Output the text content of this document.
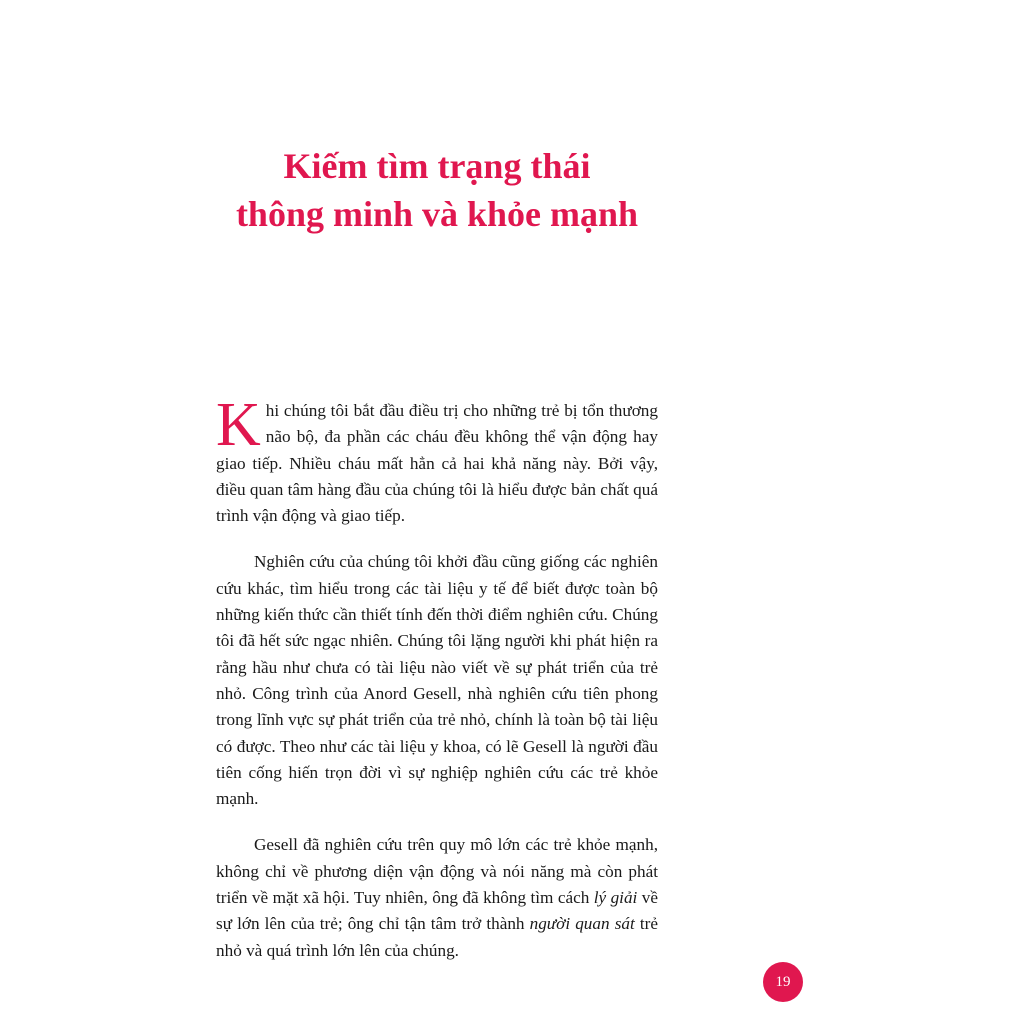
Kiếm tìm trạng thái
thông minh và khỏe mạnh

Khi chúng tôi bắt đầu điều trị cho những trẻ bị tổn thương não bộ, đa phần các cháu đều không thể vận động hay giao tiếp. Nhiều cháu mất hẳn cả hai khả năng này. Bởi vậy, điều quan tâm hàng đầu của chúng tôi là hiểu được bản chất quá trình vận động và giao tiếp.

Nghiên cứu của chúng tôi khởi đầu cũng giống các nghiên cứu khác, tìm hiểu trong các tài liệu y tế để biết được toàn bộ những kiến thức cần thiết tính đến thời điểm nghiên cứu. Chúng tôi đã hết sức ngạc nhiên. Chúng tôi lặng người khi phát hiện ra rằng hầu như chưa có tài liệu nào viết về sự phát triển của trẻ nhỏ. Công trình của Anord Gesell, nhà nghiên cứu tiên phong trong lĩnh vực sự phát triển của trẻ nhỏ, chính là toàn bộ tài liệu có được. Theo như các tài liệu y khoa, có lẽ Gesell là người đầu tiên cống hiến trọn đời vì sự nghiệp nghiên cứu các trẻ khỏe mạnh.

Gesell đã nghiên cứu trên quy mô lớn các trẻ khỏe mạnh, không chỉ về phương diện vận động và nói năng mà còn phát triển về mặt xã hội. Tuy nhiên, ông đã không tìm cách lý giải về sự lớn lên của trẻ; ông chỉ tận tâm trở thành người quan sát trẻ nhỏ và quá trình lớn lên của chúng.

19
